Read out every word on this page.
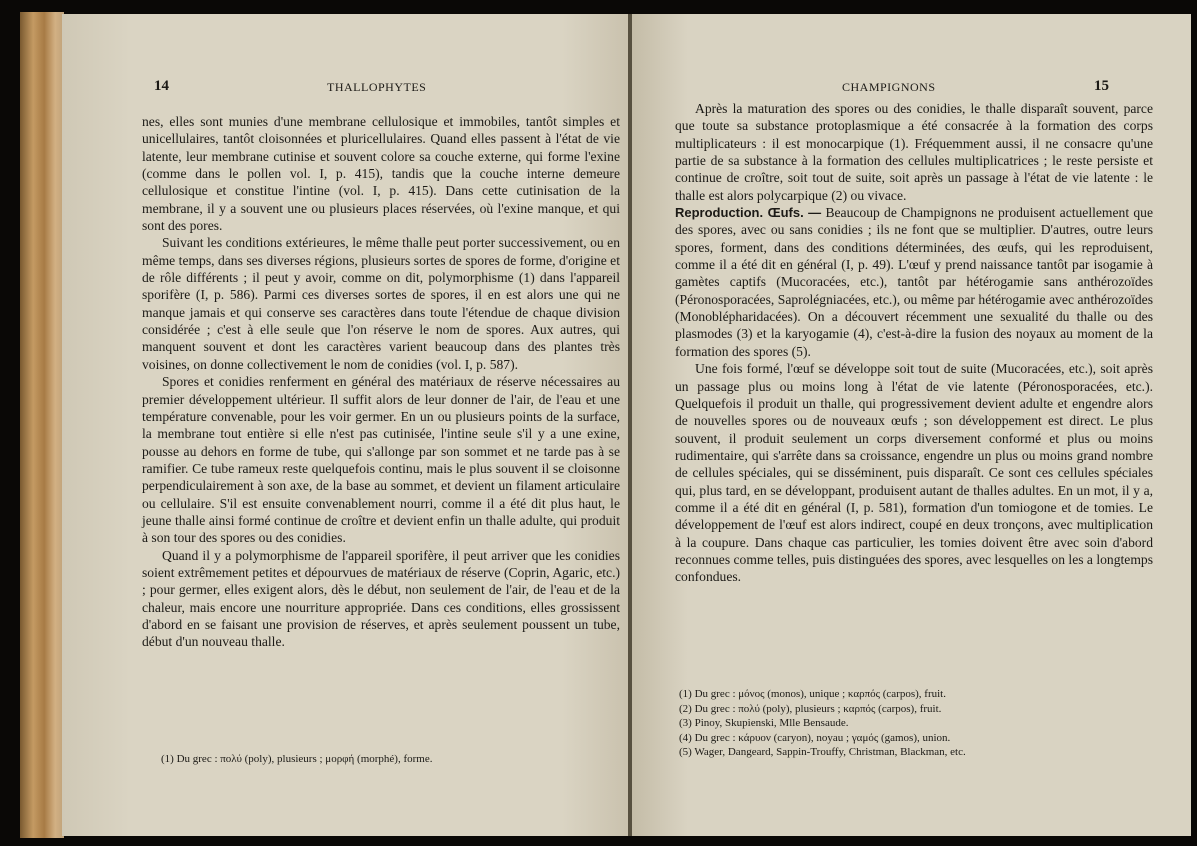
14	THALLOPHYTES

nes, elles sont munies d'une membrane cellulosique et immobiles, tantôt simples et unicellulaires, tantôt cloisonnées et pluricellulaires. Quand elles passent à l'état de vie latente, leur membrane cutinise et souvent colore sa couche externe, qui forme l'exine (comme dans le pollen vol. I, p. 415), tandis que la couche interne demeure cellulosique et constitue l'intine (vol. I, p. 415). Dans cette cutinisation de la membrane, il y a souvent une ou plusieurs places réservées, où l'exine manque, et qui sont des pores.

Suivant les conditions extérieures, le même thalle peut porter successivement, ou en même temps, dans ses diverses régions, plusieurs sortes de spores de forme, d'origine et de rôle différents ; il peut y avoir, comme on dit, polymorphisme (1) dans l'appareil sporifère (I, p. 586). Parmi ces diverses sortes de spores, il en est alors une qui ne manque jamais et qui conserve ses caractères dans toute l'étendue de chaque division considérée ; c'est à elle seule que l'on réserve le nom de spores. Aux autres, qui manquent souvent et dont les caractères varient beaucoup dans des plantes très voisines, on donne collectivement le nom de conidies (vol. I, p. 587).

Spores et conidies renferment en général des matériaux de réserve nécessaires au premier développement ultérieur. Il suffit alors de leur donner de l'air, de l'eau et une température convenable, pour les voir germer. En un ou plusieurs points de la surface, la membrane tout entière si elle n'est pas cutinisée, l'intine seule s'il y a une exine, pousse au dehors en forme de tube, qui s'allonge par son sommet et ne tarde pas à se ramifier. Ce tube rameux reste quelquefois continu, mais le plus souvent il se cloisonne perpendiculairement à son axe, de la base au sommet, et devient un filament articulaire ou cellulaire. S'il est ensuite convenablement nourri, comme il a été dit plus haut, le jeune thalle ainsi formé continue de croître et devient enfin un thalle adulte, qui produit à son tour des spores ou des conidies.

Quand il y a polymorphisme de l'appareil sporifère, il peut arriver que les conidies soient extrêmement petites et dépourvues de matériaux de réserve (Coprin, Agaric, etc.) ; pour germer, elles exigent alors, dès le début, non seulement de l'air, de l'eau et de la chaleur, mais encore une nourriture appropriée. Dans ces conditions, elles grossissent d'abord en se faisant une provision de réserves, et après seulement poussent un tube, début d'un nouveau thalle.

(1) Du grec : πολύ (poly), plusieurs ; μορφή (morphé), forme.
CHAMPIGNONS	15

Après la maturation des spores ou des conidies, le thalle disparaît souvent, parce que toute sa substance protoplasmique a été consacrée à la formation des corps multiplicateurs : il est monocarpique (1). Fréquemment aussi, il ne consacre qu'une partie de sa substance à la formation des cellules multiplicatrices ; le reste persiste et continue de croître, soit tout de suite, soit après un passage à l'état de vie latente : le thalle est alors polycarpique (2) ou vivace.

Reproduction. Œufs. — Beaucoup de Champignons ne produisent actuellement que des spores, avec ou sans conidies ; ils ne font que se multiplier. D'autres, outre leurs spores, forment, dans des conditions déterminées, des œufs, qui les reproduisent, comme il a été dit en général (I, p. 49). L'œuf y prend naissance tantôt par isogamie à gamètes captifs (Mucoracées, etc.), tantôt par hétérogamie sans anthérozoïdes (Péronosporacées, Saprolégniacées, etc.), ou même par hétérogamie avec anthérozoïdes (Monoblépharidacées). On a découvert récemment une sexualité du thalle ou des plasmodes (3) et la karyogamie (4), c'est-à-dire la fusion des noyaux au moment de la formation des spores (5).

Une fois formé, l'œuf se développe soit tout de suite (Mucoracées, etc.), soit après un passage plus ou moins long à l'état de vie latente (Péronosporacées, etc.). Quelquefois il produit un thalle, qui progressivement devient adulte et engendre alors de nouvelles spores ou de nouveaux œufs ; son développement est direct. Le plus souvent, il produit seulement un corps diversement conformé et plus ou moins rudimentaire, qui s'arrête dans sa croissance, engendre un plus ou moins grand nombre de cellules spéciales, qui se disséminent, puis disparaît. Ce sont ces cellules spéciales qui, plus tard, en se développant, produisent autant de thalles adultes. En un mot, il y a, comme il a été dit en général (I, p. 581), formation d'un tomiogone et de tomies. Le développement de l'œuf est alors indirect, coupé en deux tronçons, avec multiplication à la coupure. Dans chaque cas particulier, les tomies doivent être avec soin d'abord reconnues comme telles, puis distinguées des spores, avec lesquelles on les a longtemps confondues.

(1) Du grec : μόνος (monos), unique ; καρπός (carpos), fruit.
(2) Du grec : πολύ (poly), plusieurs ; καρπός (carpos), fruit.
(3) Pinoy, Skupienski, Mlle Bensaude.
(4) Du grec : κάρυον (caryon), noyau ; γαμός (gamos), union.
(5) Wager, Dangeard, Sappin-Trouffy, Christman, Blackman, etc.
